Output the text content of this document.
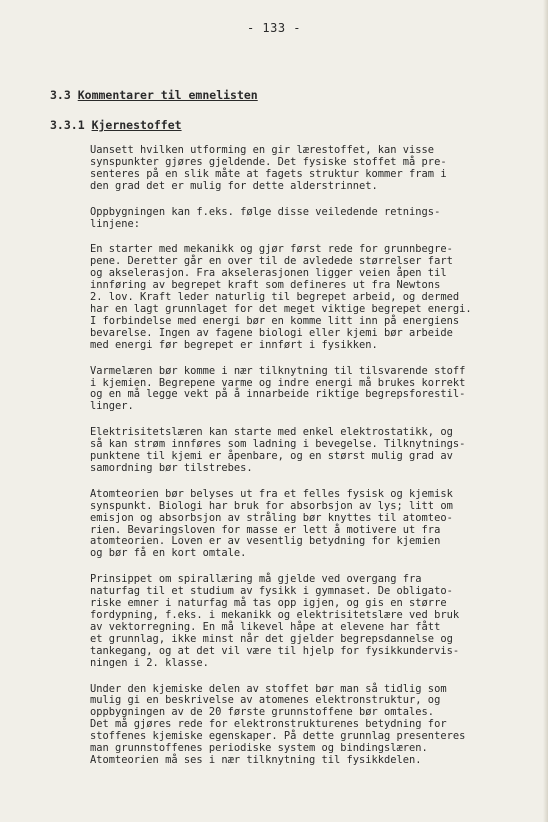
- 133 -
3.3 Kommentarer til emnelisten
3.3.1 Kjernestoffet

Uansett hvilken utforming en gir lærestoffet, kan visse
synspunkter gjøres gjeldende. Det fysiske stoffet må pre-
senteres på en slik måte at fagets struktur kommer fram i
den grad det er mulig for dette alderstrinnet.

Oppbygningen kan f.eks. følge disse veiledende retnings-
linjene:

En starter med mekanikk og gjør først rede for grunnbegre-
pene. Deretter går en over til de avledede størrelser fart
og akselerasjon. Fra akselerasjonen ligger veien åpen til
innføring av begrepet kraft som defineres ut fra Newtons
2. lov. Kraft leder naturlig til begrepet arbeid, og dermed
har en lagt grunnlaget for det meget viktige begrepet energi.
I forbindelse med energi bør en komme litt inn på energiens
bevarelse. Ingen av fagene biologi eller kjemi bør arbeide
med energi før begrepet er innført i fysikken.

Varmelæren bør komme i nær tilknytning til tilsvarende stoff
i kjemien. Begrepene varme og indre energi må brukes korrekt
og en må legge vekt på å innarbeide riktige begrepsforestil-
linger.

Elektrisitetslæren kan starte med enkel elektrostatikk, og
så kan strøm innføres som ladning i bevegelse. Tilknytnings-
punktene til kjemi er åpenbare, og en størst mulig grad av
samordning bør tilstrebes.

Atomteorien bør belyses ut fra et felles fysisk og kjemisk
synspunkt. Biologi har bruk for absorbsjon av lys; litt om
emisjon og absorbsjon av stråling bør knyttes til atomteo-
rien. Bevaringsloven for masse er lett å motivere ut fra
atomteorien. Loven er av vesentlig betydning for kjemien
og bør få en kort omtale.

Prinsippet om spirallæring må gjelde ved overgang fra
naturfag til et studium av fysikk i gymnaset. De obligato-
riske emner i naturfag må tas opp igjen, og gis en større
fordypning, f.eks. i mekanikk og elektrisitetslære ved bruk
av vektorregning. En må likevel håpe at elevene har fått
et grunnlag, ikke minst når det gjelder begrepsdannelse og
tankegang, og at det vil være til hjelp for fysikkundervis-
ningen i 2. klasse.

Under den kjemiske delen av stoffet bør man så tidlig som
mulig gi en beskrivelse av atomenes elektronstruktur, og
oppbygningen av de 20 første grunnstoffene bør omtales.
Det må gjøres rede for elektronstrukturenes betydning for
stoffenes kjemiske egenskaper. På dette grunnlag presenteres
man grunnstoffenes periodiske system og bindingslæren.
Atomteorien må ses i nær tilknytning til fysikkdelen.
